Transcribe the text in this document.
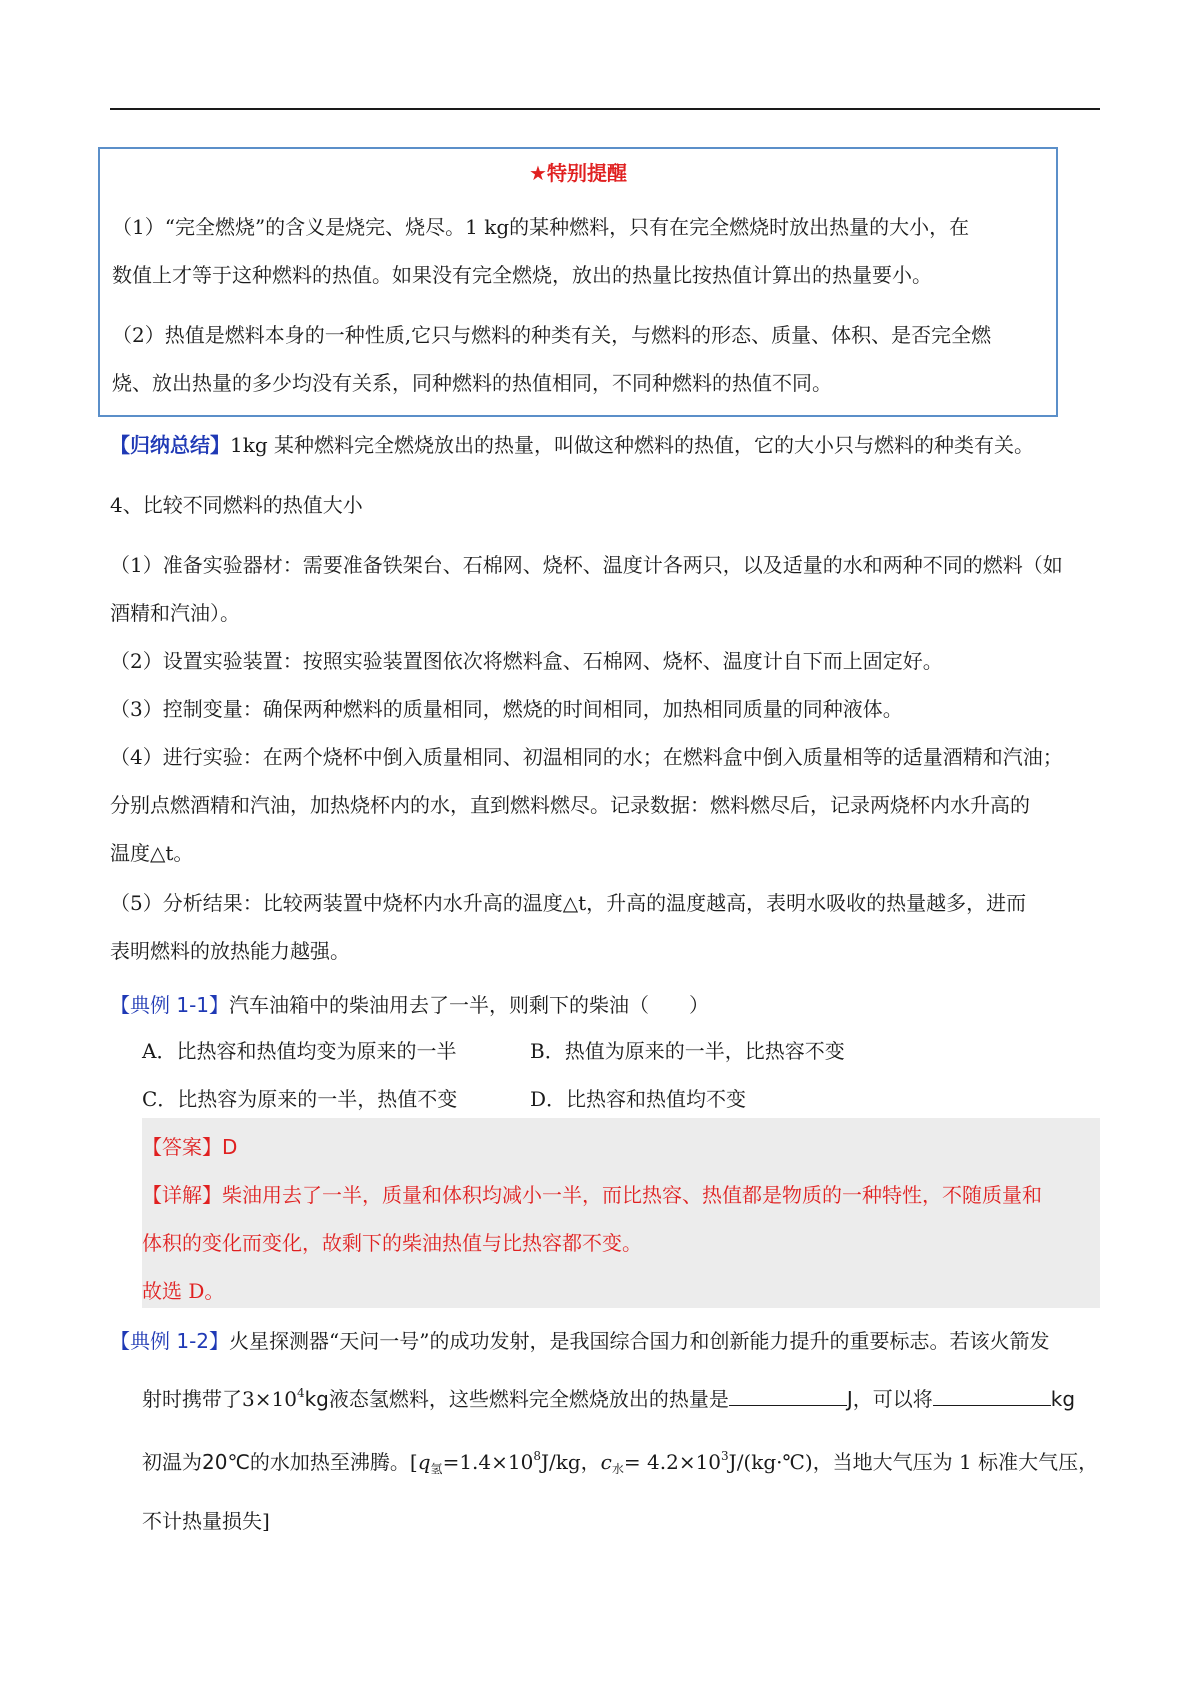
★特别提醒
（1）“完全燃烧”的含义是烧完、烧尽。1 kg的某种燃料，只有在完全燃烧时放出热量的大小，在
数值上才等于这种燃料的热值。如果没有完全燃烧，放出的热量比按热值计算出的热量要小。
（2）热值是燃料本身的一种性质,它只与燃料的种类有关，与燃料的形态、质量、体积、是否完全燃
烧、放出热量的多少均没有关系，同种燃料的热值相同，不同种燃料的热值不同。
【归纳总结】1kg 某种燃料完全燃烧放出的热量，叫做这种燃料的热值，它的大小只与燃料的种类有关。
4、比较不同燃料的热值大小
（1）准备实验器材：需要准备铁架台、石棉网、烧杯、温度计各两只，以及适量的水和两种不同的燃料（如
酒精和汽油）。
（2）设置实验装置：按照实验装置图依次将燃料盒、石棉网、烧杯、温度计自下而上固定好。
（3）控制变量：确保两种燃料的质量相同，燃烧的时间相同，加热相同质量的同种液体。
（4）进行实验：在两个烧杯中倒入质量相同、初温相同的水；在燃料盒中倒入质量相等的适量酒精和汽油；
分别点燃酒精和汽油，加热烧杯内的水，直到燃料燃尽。记录数据：燃料燃尽后，记录两烧杯内水升高的
温度△t。
（5）分析结果：比较两装置中烧杯内水升高的温度△t，升高的温度越高，表明水吸收的热量越多，进而
表明燃料的放热能力越强。
【典例 1-1】汽车油箱中的柴油用去了一半，则剩下的柴油（　　）
A．比热容和热值均变为原来的一半	B．热值为原来的一半，比热容不变
C．比热容为原来的一半，热值不变	D．比热容和热值均不变
【答案】D
【详解】柴油用去了一半，质量和体积均减小一半，而比热容、热值都是物质的一种特性，不随质量和
体积的变化而变化，故剩下的柴油热值与比热容都不变。
故选 D。
【典例 1-2】火星探测器“天问一号”的成功发射，是我国综合国力和创新能力提升的重要标志。若该火箭发
射时携带了$3\times 10^4kg$液态氢燃料，这些燃料完全燃烧放出的热量是	J，可以将	kg
初温为20℃的水加热至沸腾。[$q_氢=1.4\times 10^8J/kg$，$c_水=$ $4.2\times 10^3J/(kg\cdot℃)$，当地大气压为 1 标准大气压，
不计热量损失]
